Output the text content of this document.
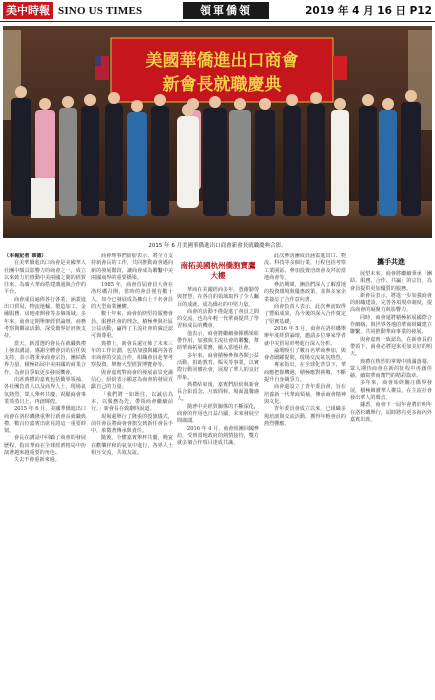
美中時報 SINO US TIMES	領軍僑領	2019 年 4 月 16 日 P12
美國華僑進出口商會
新會長就職慶典
2015 年 6 月美國華僑進出口商會新會長就職慶典合影。
（本報記者 韋德）
在美華僑進出口商會是美國華人社團中頗具影響力的商會之一，成立以來致力於推動中美兩國之間的經貿往來，為廣大華商搭建溝通與合作的平台。
商會成員遍佈各行各業，涵蓋進出口貿易、物流運輸、製造加工、金融服務、房地產開發等多個領域。多年來，商會定期舉辦經貿論壇、商務考察與聯誼活動，深受僑界好評與支持。
當天，新當選的會長在就職典禮上發表講話，感謝全體會員的信任與支持，表示將秉承商會宗旨，團結僑界力量，積極拓展中美兩國的商業合作，為會員爭取更多發展機會。
出席典禮的嘉賓包括僑界領袖、各社團負責人以及商界人士，現場氣氛熱烈，眾人舉杯共慶，祝願商會事業蒸蒸日上，再創輝煌。
2015 年 6 月，美國華僑進出口商會在洛杉磯隆重舉行新會長就職典禮，數百位嘉賓出席見證這一重要時刻。
會長在講話中回顧了商會的發展歷程，指出華商在全球經濟格局中扮演著越來越重要的角色。
失去不會重新來過。
商會理事們紛紛表示，將全力支持新會長的工作，共同推動商會邁向新的發展階段，讓商會成為聯繫中美兩國商界的重要橋梁。
1985 年，商會首屆會員大會在洛杉磯召開，當時的會員僅有數十人，如今已發展成為擁有上千名會員的大型商業團體。
數十年來，商會始終堅持服務會員、服務社會的理念，積極參與社區公益活動，贏得了主流社會的廣泛認可與尊重。
典禮上，新會長還宣佈了未來三年的工作計劃，包括加強與國內各省市商會的交流合作，組織會員赴華考察投資，舉辦大型經貿博覽會等。
與會嘉賓對商會的發展前景充滿信心，紛紛表示願意為商會的發展貢獻自己的力量。
「我們將一如既往，以誠信為本，以服務為先，帶領商會繼續前行。」新會長在致辭時說道。
現場還舉行了隆重的授旗儀式，前任會長將商會會旗交到新任會長手中，象徵著傳承與責任。
隨後，全體嘉賓舉杯共慶，晚宴在歡樂祥和的氣氛中進行，各界人士相互交流，共敘友誼。
南拓美國杭州僑胞寶鷹大樓
華商在美國經商多年，憑藉勤勞與智慧，在各自的領域取得了令人矚目的成就，成為僑社的中堅力量。
商會的活動不僅促進了會員之間的交流，也為年輕一代華商提供了學習和成長的機會。
他表示，商會將繼續發揮橋梁紐帶作用，加強與主流社會的聯繫，幫助華商拓展業務，融入當地社會。
多年來，商會積極參與各類公益活動，捐助教育、賑災等事業，以實際行動回饋社會，展現了華人的良好形象。
典禮結束後，嘉賓們紛紛與新會長合影留念，互致問候，場面溫馨感人。
隨著中美經貿關係的不斷深化，商會的作用也日益凸顯，未來發展空間廣闊。
2016 年 4 月，商會組團回國參訪，受到當地政府的熱情接待，雙方就多個合作項目達成共識。
此次參訪團成員涵蓋進出口、物流、科技等多個行業，行程包括考察工業園區、參加投資洽談會及拜訪當地商會等。
參訪期間，團員們深入了解當地的投資環境與優惠政策，並與多家企業簽訂了合作意向書。
商會負責人表示，此次參訪取得了豐碩成果，為今後的深入合作奠定了堅實基礎。
2016 年 5 月，商會在洛杉磯舉辦年度經貿論壇，邀請多位專家學者就中美貿易形勢進行深入分析。
論壇吸引了數百名華商參加，與會者踴躍提問，現場交流氣氛熱烈。
專家指出，在全球化背景下，華商應把握機遇，積極應對挑戰，不斷提升自身競爭力。
商會還設立了青年委員會，旨在培養新一代華商領袖，傳承商會精神與文化。
青年委員會成立以來，已組織多場培訓與交流活動，獲得年輕會員的熱烈響應。
攜手共進
展望未來，商會將繼續秉承「團結、服務、合作、共贏」的宗旨，為會員提供更加優質的服務。
新會長表示，將進一步加強商會的組織建設，完善各項規章制度，提高商會的凝聚力與影響力。
同時，商會還將積極拓展國際合作網絡，與世界各地的華商組織建立聯繫，共同推動華商事業的發展。
與會嘉賓一致認為，在新會長的帶領下，商會必將迎來更加美好的明天。
典禮在熱烈的掌聲中圓滿落幕，眾人期待商會在新的征程中再創佳績，續寫華商奮鬥的精彩篇章。
多年來，商會始終關注僑界發展，積極維護華人權益，在主流社會發出華人的聲音。
據悉，商會下一屆年會將於明年在洛杉磯舉行，屆時將有更多海內外嘉賓出席。
